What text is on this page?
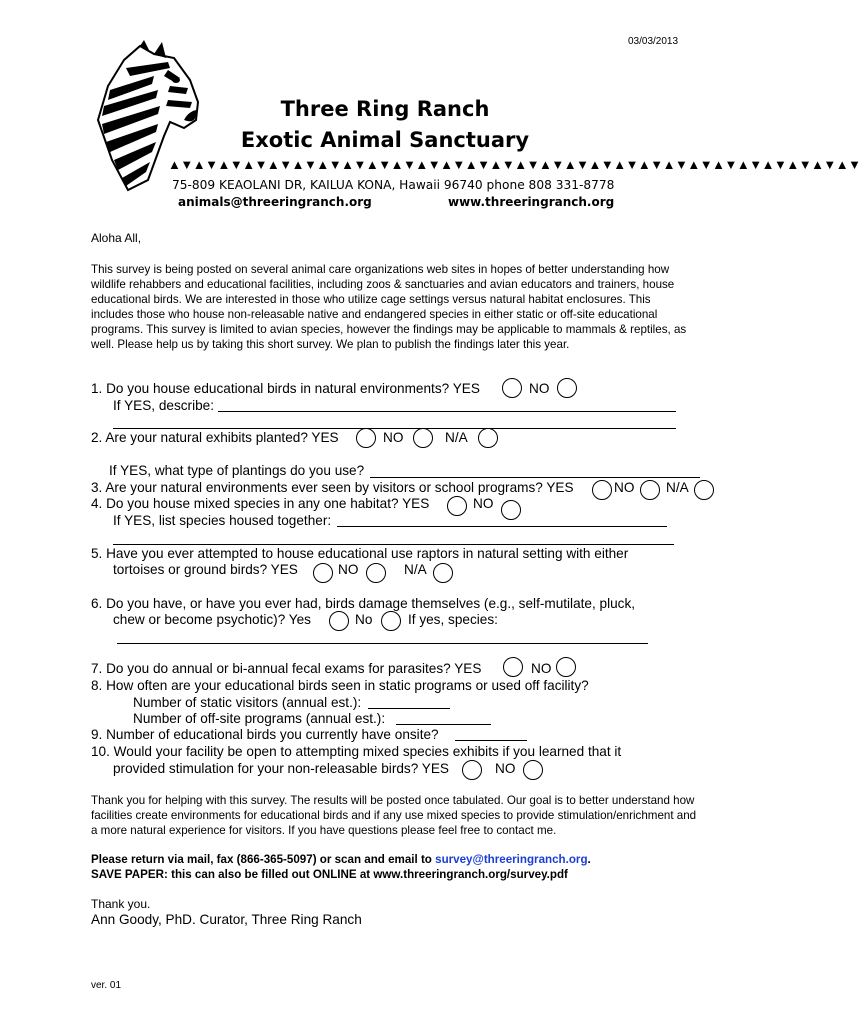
03/03/2013
Three Ring Ranch
Exotic Animal Sanctuary
▲▼▲▼▲▼▲▼▲▼▲▼▲▼▲▼▲▼▲▼▲▼▲▼▲▼▲▼▲▼▲▼▲▼▲▼▲▼▲▼▲▼▲▼▲▼▲▼▲▼▲▼▲▼▲▼
75-809 KEAOLANI DR, KAILUA KONA, Hawaii 96740 phone 808 331-8778
animals@threeringranch.org	www.threeringranch.org
Aloha All,
This survey is being posted on several animal care organizations web sites in hopes of better understanding how wildlife rehabbers and educational facilities, including zoos & sanctuaries and avian educators and trainers, house educational birds. We are interested in those who utilize cage settings versus natural habitat enclosures. This includes those who house non-releasable native and endangered species in either static or off-site educational programs. This survey is limited to avian species, however the findings may be applicable to mammals & reptiles, as well. Please help us by taking this short survey. We plan to publish the findings later this year.
1. Do you house educational birds in natural environments? YES	NO
If YES, describe:
2. Are your natural exhibits planted? YES	NO	N/A
If YES, what type of plantings do you use?
3. Are your natural environments ever seen by visitors or school programs? YES	NO N/A
4. Do you house mixed species in any one habitat? YES	NO
If YES, list species housed together:
5. Have you ever attempted to house educational use raptors in natural setting with either
tortoises or ground birds? YES	NO	N/A
6. Do you have, or have you ever had, birds damage themselves (e.g., self-mutilate, pluck,
chew or become psychotic)? Yes	No	If yes, species:
7. Do you do annual or bi-annual fecal exams for parasites? YES	NO
8. How often are your educational birds seen in static programs or used off facility?
Number of static visitors (annual est.):
Number of off-site programs (annual est.):
9. Number of educational birds you currently have onsite?
10. Would your facility be open to attempting mixed species exhibits if you learned that it
provided stimulation for your non-releasable birds? YES	NO
Thank you for helping with this survey. The results will be posted once tabulated. Our goal is to better understand how facilities create environments for educational birds and if any use mixed species to provide stimulation/enrichment and a more natural experience for visitors. If you have questions please feel free to contact me.
Please return via mail, fax (866-365-5097) or scan and email to survey@threeringranch.org.
SAVE PAPER: this can also be filled out ONLINE at www.threeringranch.org/survey.pdf
Thank you.
Ann Goody, PhD. Curator, Three Ring Ranch
ver. 01
